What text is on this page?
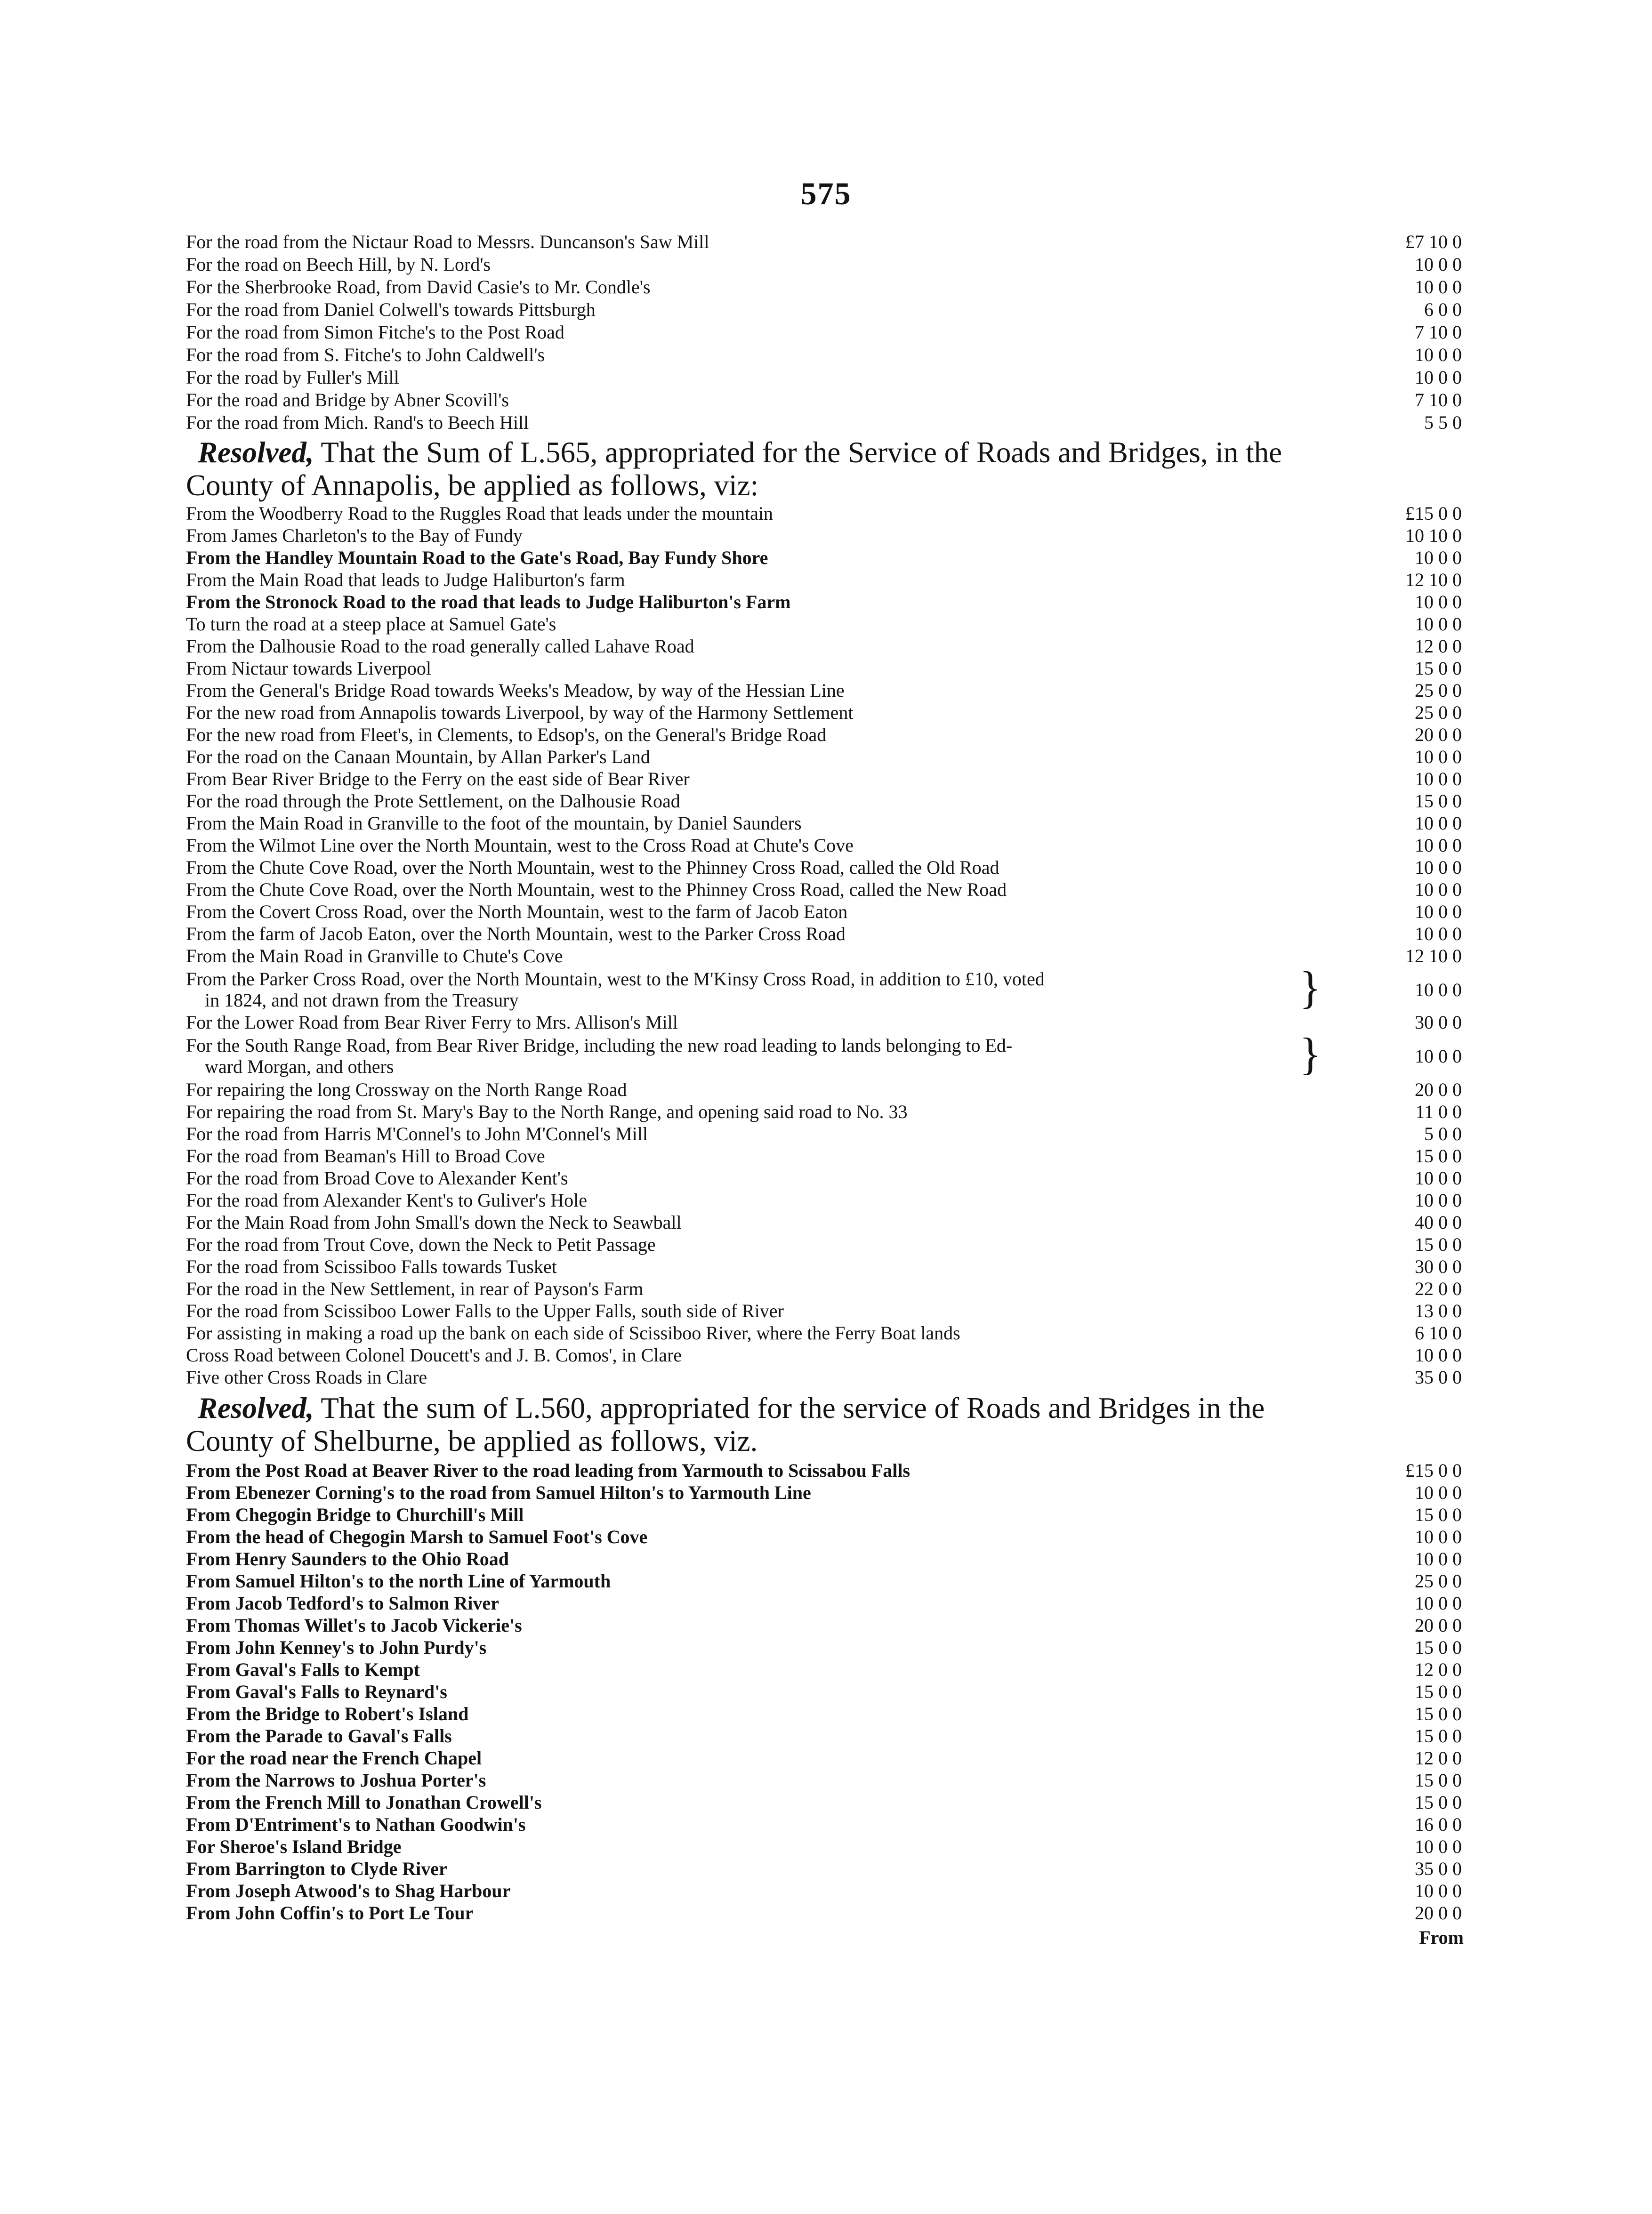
575
For the road from the Nictaur Road to Messrs. Duncanson's Saw Mill	£7 10 0
For the road on Beech Hill, by N. Lord's	10 0 0
For the Sherbrooke Road, from David Casie's to Mr. Condle's	10 0 0
For the road from Daniel Colwell's towards Pittsburgh	6 0 0
For the road from Simon Fitche's to the Post Road	7 10 0
For the road from S. Fitche's to John Caldwell's	10 0 0
For the road by Fuller's Mill	10 0 0
For the road and Bridge by Abner Scovill's	7 10 0
For the road from Mich. Rand's to Beech Hill	5 5 0
Resolved, That the Sum of L.565, appropriated for the Service of Roads and Bridges, in the
County of Annapolis, be applied as follows, viz:
From the Woodberry Road to the Ruggles Road that leads under the mountain	£15 0 0
From James Charleton's to the Bay of Fundy	10 10 0
From the Handley Mountain Road to the Gate's Road, Bay Fundy Shore	10 0 0
From the Main Road that leads to Judge Haliburton's farm	12 10 0
From the Stronock Road to the road that leads to Judge Haliburton's Farm	10 0 0
To turn the road at a steep place at Samuel Gate's	10 0 0
From the Dalhousie Road to the road generally called Lahave Road	12 0 0
From Nictaur towards Liverpool	15 0 0
From the General's Bridge Road towards Weeks's Meadow, by way of the Hessian Line	25 0 0
For the new road from Annapolis towards Liverpool, by way of the Harmony Settlement	25 0 0
For the new road from Fleet's, in Clements, to Edsop's, on the General's Bridge Road	20 0 0
For the road on the Canaan Mountain, by Allan Parker's Land	10 0 0
From Bear River Bridge to the Ferry on the east side of Bear River	10 0 0
For the road through the Prote Settlement, on the Dalhousie Road	15 0 0
From the Main Road in Granville to the foot of the mountain, by Daniel Saunders	10 0 0
From the Wilmot Line over the North Mountain, west to the Cross Road at Chute's Cove	10 0 0
From the Chute Cove Road, over the North Mountain, west to the Phinney Cross Road, called the Old Road	10 0 0
From the Chute Cove Road, over the North Mountain, west to the Phinney Cross Road, called the New Road	10 0 0
From the Covert Cross Road, over the North Mountain, west to the farm of Jacob Eaton	10 0 0
From the farm of Jacob Eaton, over the North Mountain, west to the Parker Cross Road	10 0 0
From the Main Road in Granville to Chute's Cove	12 10 0
From the Parker Cross Road, over the North Mountain, west to the M'Kinsy Cross Road, in addition to £10, voted
in 1824, and not drawn from the Treasury	}	10 0 0
For the Lower Road from Bear River Ferry to Mrs. Allison's Mill	30 0 0
For the South Range Road, from Bear River Bridge, including the new road leading to lands belonging to Ed-
ward Morgan, and others	}	10 0 0
For repairing the long Crossway on the North Range Road	20 0 0
For repairing the road from St. Mary's Bay to the North Range, and opening said road to No. 33	11 0 0
For the road from Harris M'Connel's to John M'Connel's Mill	5 0 0
For the road from Beaman's Hill to Broad Cove	15 0 0
For the road from Broad Cove to Alexander Kent's	10 0 0
For the road from Alexander Kent's to Guliver's Hole	10 0 0
For the Main Road from John Small's down the Neck to Seawball	40 0 0
For the road from Trout Cove, down the Neck to Petit Passage	15 0 0
For the road from Scissiboo Falls towards Tusket	30 0 0
For the road in the New Settlement, in rear of Payson's Farm	22 0 0
For the road from Scissiboo Lower Falls to the Upper Falls, south side of River	13 0 0
For assisting in making a road up the bank on each side of Scissiboo River, where the Ferry Boat lands	6 10 0
Cross Road between Colonel Doucett's and J. B. Comos', in Clare	10 0 0
Five other Cross Roads in Clare	35 0 0
Resolved, That the sum of L.560, appropriated for the service of Roads and Bridges in the
County of Shelburne, be applied as follows, viz.
From the Post Road at Beaver River to the road leading from Yarmouth to Scissabou Falls	£15 0 0
From Ebenezer Corning's to the road from Samuel Hilton's to Yarmouth Line	10 0 0
From Chegogin Bridge to Churchill's Mill	15 0 0
From the head of Chegogin Marsh to Samuel Foot's Cove	10 0 0
From Henry Saunders to the Ohio Road	10 0 0
From Samuel Hilton's to the north Line of Yarmouth	25 0 0
From Jacob Tedford's to Salmon River	10 0 0
From Thomas Willet's to Jacob Vickerie's	20 0 0
From John Kenney's to John Purdy's	15 0 0
From Gaval's Falls to Kempt	12 0 0
From Gaval's Falls to Reynard's	15 0 0
From the Bridge to Robert's Island	15 0 0
From the Parade to Gaval's Falls	15 0 0
For the road near the French Chapel	12 0 0
From the Narrows to Joshua Porter's	15 0 0
From the French Mill to Jonathan Crowell's	15 0 0
From D'Entriment's to Nathan Goodwin's	16 0 0
For Sheroe's Island Bridge	10 0 0
From Barrington to Clyde River	35 0 0
From Joseph Atwood's to Shag Harbour	10 0 0
From John Coffin's to Port Le Tour	20 0 0
From
